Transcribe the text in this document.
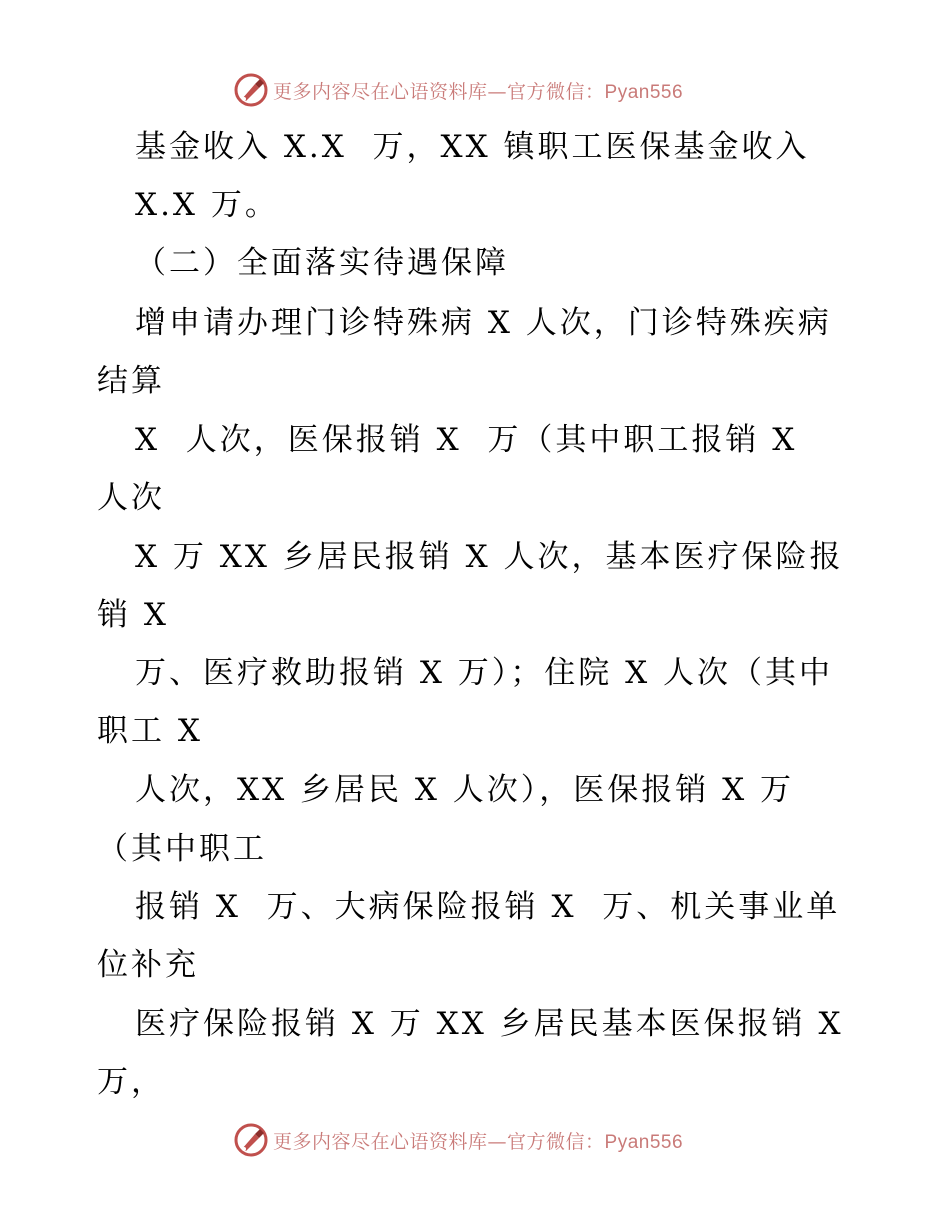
更多内容尽在心语资料库—官方微信：Pyan556
基金收入 X.X  万，XX 镇职工医保基金收入
X.X 万。
（二）全面落实待遇保障
增申请办理门诊特殊病 X 人次，门诊特殊疾病
结算
X  人次，医保报销 X  万（其中职工报销 X
人次
X 万 XX 乡居民报销 X 人次，基本医疗保险报
销 X
万、医疗救助报销 X 万）；住院 X 人次（其中
职工 X
人次，XX 乡居民 X 人次），医保报销 X 万
（其中职工
报销 X  万、大病保险报销 X  万、机关事业单
位补充
医疗保险报销 X 万 XX 乡居民基本医保报销 X
万，
更多内容尽在心语资料库—官方微信：Pyan556
